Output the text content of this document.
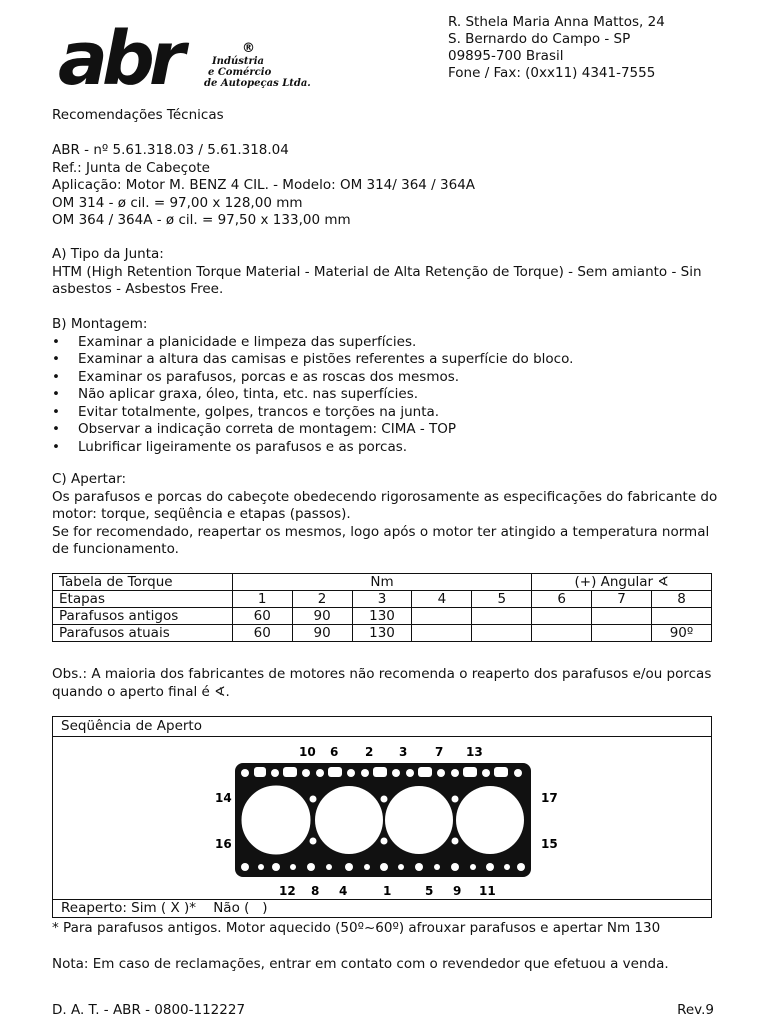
abr	®
Indústria
e Comércio
de Autopeças Ltda.
R. Sthela Maria Anna Mattos, 24
S. Bernardo do Campo - SP
09895-700 Brasil
Fone / Fax: (0xx11) 4341-7555
Recomendações Técnicas
ABR - nº 5.61.318.03 / 5.61.318.04
Ref.: Junta de Cabeçote
Aplicação: Motor M. BENZ 4 CIL. - Modelo: OM 314/ 364 / 364A
OM 314 - ø cil. = 97,00 x 128,00 mm
OM 364 / 364A - ø cil. = 97,50 x 133,00 mm
A) Tipo da Junta:
HTM (High Retention Torque Material - Material de Alta Retenção de Torque) - Sem amianto - Sin
asbestos - Asbestos Free.
B) Montagem:
• Examinar a planicidade e limpeza das superfícies.
• Examinar a altura das camisas e pistões referentes a superfície do bloco.
• Examinar os parafusos, porcas e as roscas dos mesmos.
• Não aplicar graxa, óleo, tinta, etc. nas superfícies.
• Evitar totalmente, golpes, trancos e torções na junta.
• Observar a indicação correta de montagem: CIMA - TOP
• Lubrificar ligeiramente os parafusos e as porcas.
C) Apertar:
Os parafusos e porcas do cabeçote obedecendo rigorosamente as especificações do fabricante do
motor: torque, seqüência e etapas (passos).
Se for recomendado, reapertar os mesmos, logo após o motor ter atingido a temperatura normal
de funcionamento.
Tabela de Torque	Nm					(+) Angular ∢		
Etapas	1	2	3	4	5	6	7	8
Parafusos antigos	60	90	130					
Parafusos atuais	60	90	130					90º
Obs.: A maioria dos fabricantes de motores não recomenda o reaperto dos parafusos e/ou porcas
quando o aperto final é ∢.
Seqüência de Aperto
10 6 2 3 7 13
14
16
17
15
12 8 4	1	5 9 11
Reaperto: Sim ( X )*    Não (   )
* Para parafusos antigos. Motor aquecido (50º~60º) afrouxar parafusos e apertar Nm 130
Nota: Em caso de reclamações, entrar em contato com o revendedor que efetuou a venda.
D. A. T. - ABR - 0800-112227	Rev.9
